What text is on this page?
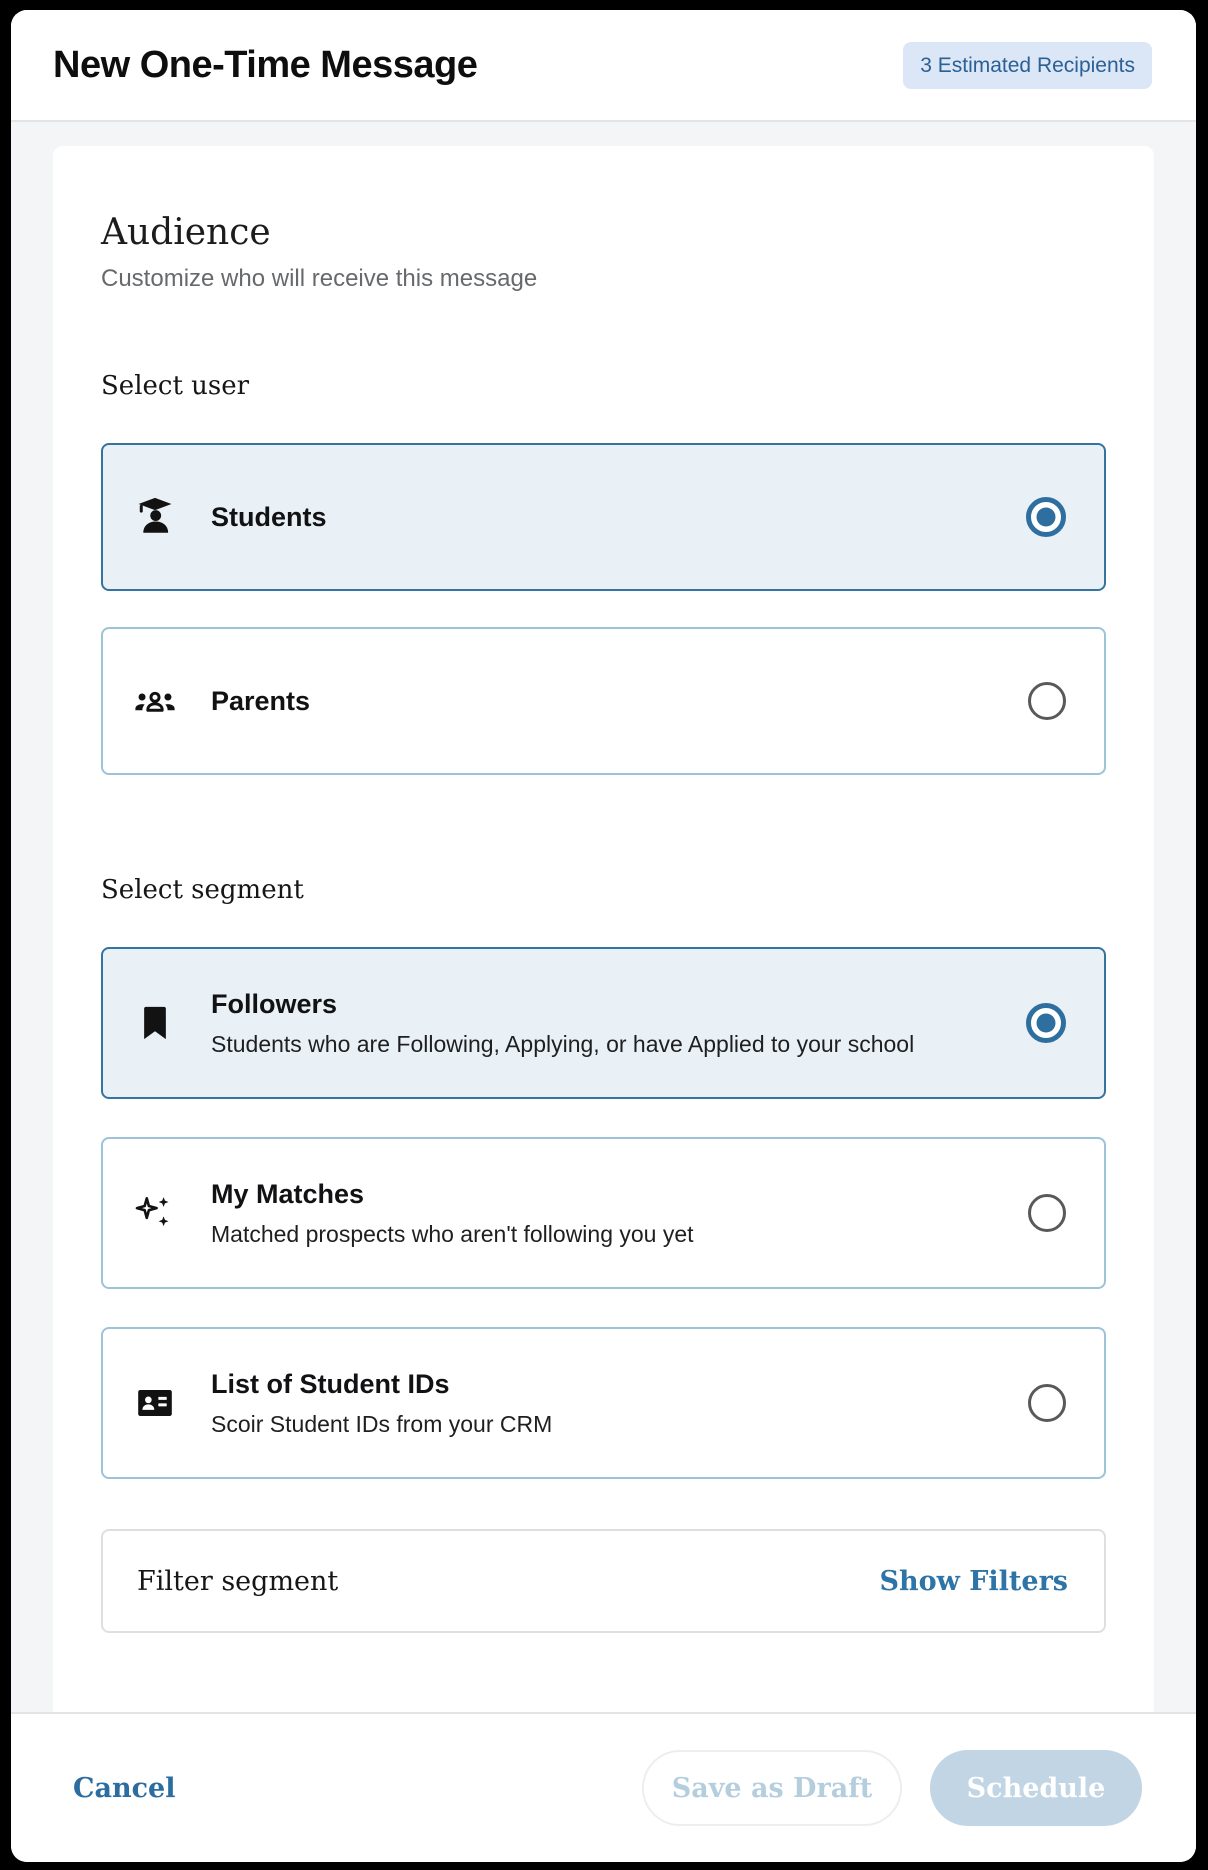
New One-Time Message	3 Estimated Recipients
Audience
Customize who will receive this message
Select user
Students
Parents
Select segment
Followers
Students who are Following, Applying, or have Applied to your school
My Matches
Matched prospects who aren't following you yet
List of Student IDs
Scoir Student IDs from your CRM
Filter segment	Show Filters
Cancel	Save as Draft	Schedule
